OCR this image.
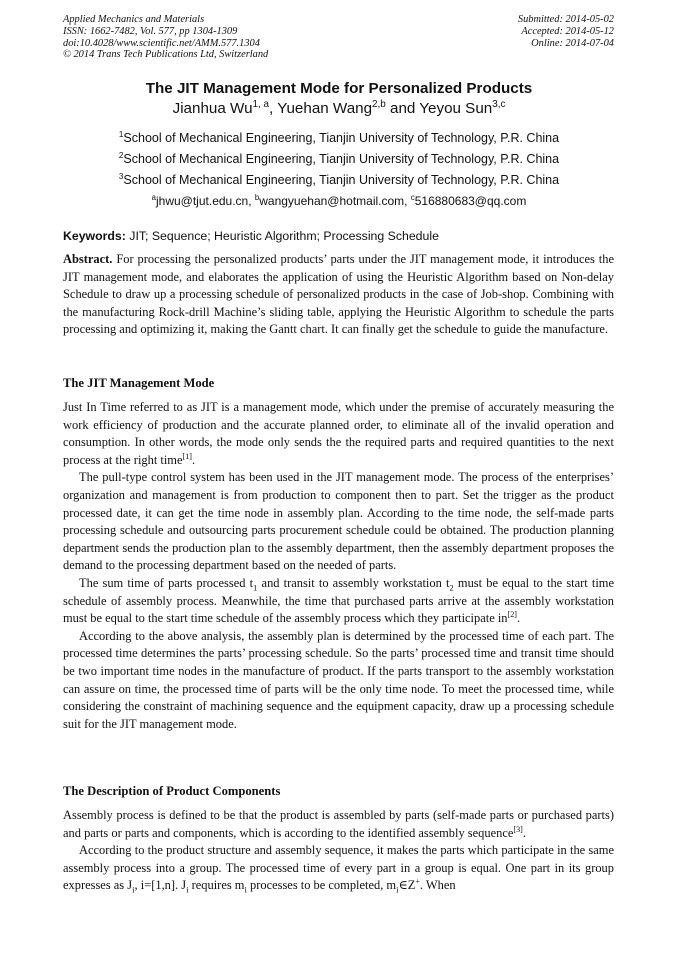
Applied Mechanics and Materials
ISSN: 1662-7482, Vol. 577, pp 1304-1309
doi:10.4028/www.scientific.net/AMM.577.1304
© 2014 Trans Tech Publications Ltd, Switzerland
Submitted: 2014-05-02
Accepted: 2014-05-12
Online: 2014-07-04
The JIT Management Mode for Personalized Products
Jianhua Wu$^{1, a}$, Yuehan Wang$^{2,b}$ and Yeyou Sun$^{3,c}$
$^1$School of Mechanical Engineering, Tianjin University of Technology, P.R. China
$^2$School of Mechanical Engineering, Tianjin University of Technology, P.R. China
$^3$School of Mechanical Engineering, Tianjin University of Technology, P.R. China
$^a$jhwu@tjut.edu.cn, $^b$wangyuehan@hotmail.com, $^c$516880683@qq.com
Keywords: JIT; Sequence; Heuristic Algorithm; Processing Schedule

Abstract. For processing the personalized products’ parts under the JIT management mode, it introduces the JIT management mode, and elaborates the application of using the Heuristic Algorithm based on Non-delay Schedule to draw up a processing schedule of personalized products in the case of Job-shop. Combining with the manufacturing Rock-drill Machine’s sliding table, applying the Heuristic Algorithm to schedule the parts processing and optimizing it, making the Gantt chart. It can finally get the schedule to guide the manufacture.

The JIT Management Mode

Just In Time referred to as JIT is a management mode, which under the premise of accurately measuring the work efficiency of production and the accurate planned order, to eliminate all of the invalid operation and consumption. In other words, the mode only sends the the required parts and required quantities to the next process at the right time[1].

The pull-type control system has been used in the JIT management mode. The process of the enterprises’ organization and management is from production to component then to part. Set the trigger as the product processed date, it can get the time node in assembly plan. According to the time node, the self-made parts processing schedule and outsourcing parts procurement schedule could be obtained. The production planning department sends the production plan to the assembly department, then the assembly department proposes the demand to the processing department based on the needed of parts.

The sum time of parts processed $t_1$ and transit to assembly workstation $t_2$ must be equal to the start time schedule of assembly process. Meanwhile, the time that purchased parts arrive at the assembly workstation must be equal to the start time schedule of the assembly process which they participate in[2].

According to the above analysis, the assembly plan is determined by the processed time of each part. The processed time determines the parts’ processing schedule. So the parts’ processed time and transit time should be two important time nodes in the manufacture of product. If the parts transport to the assembly workstation can assure on time, the processed time of parts will be the only time node. To meet the processed time, while considering the constraint of machining sequence and the equipment capacity, draw up a processing schedule suit for the JIT management mode.

The Description of Product Components

Assembly process is defined to be that the product is assembled by parts (self-made parts or purchased parts) and parts or parts and components, which is according to the identified assembly sequence[3].

According to the product structure and assembly sequence, it makes the parts which participate in the same assembly process into a group. The processed time of every part in a group is equal. One part in its group expresses as $J_i$, i=[1,n]. $J_i$ requires $m_i$ processes to be completed, $m_i\in Z^+$. When
